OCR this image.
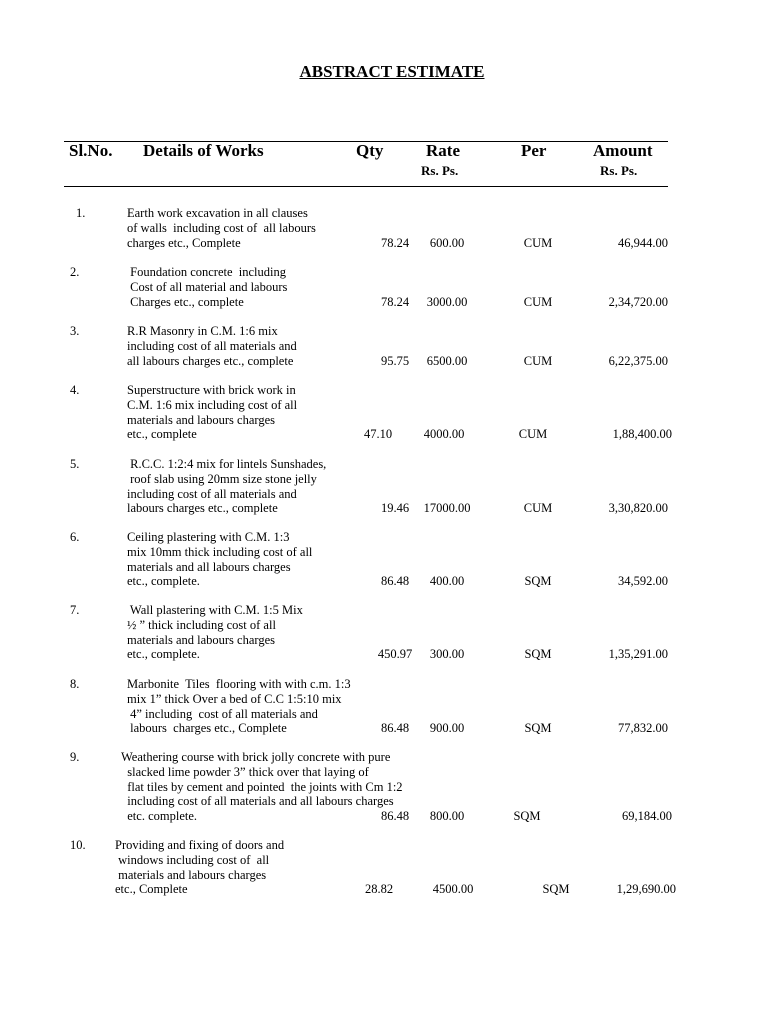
ABSTRACT ESTIMATE
Sl.No. Details of Works	Qty	Rate	Per	Amount
Rs. Ps.	Rs. Ps.
1.	Earth work excavation in all clauses
of walls  including cost of  all labours
charges etc., Complete	78.24 600.00	CUM	46,944.00
2.	Foundation concrete  including
Cost of all material and labours
Charges etc., complete	78.24 3000.00	CUM	2,34,720.00
3.	R.R Masonry in C.M. 1:6 mix
including cost of all materials and
all labours charges etc., complete	95.75 6500.00	CUM	6,22,375.00
4.	Superstructure with brick work in
C.M. 1:6 mix including cost of all
materials and labours charges
etc., complete	47.10	4000.00	CUM	1,88,400.00
5.	R.C.C. 1:2:4 mix for lintels Sunshades,
roof slab using 20mm size stone jelly
including cost of all materials and
labours charges etc., complete	19.46 17000.00	CUM	3,30,820.00
6.	Ceiling plastering with C.M. 1:3
mix 10mm thick including cost of all
materials and all labours charges
etc., complete.	86.48 400.00	SQM	34,592.00
7.	Wall plastering with C.M. 1:5 Mix
½ ” thick including cost of all
materials and labours charges
etc., complete.	450.97 300.00	SQM	1,35,291.00
8.	Marbonite  Tiles  flooring with with c.m. 1:3
mix 1” thick Over a bed of C.C 1:5:10 mix
4” including  cost of all materials and
labours  charges etc., Complete	86.48 900.00	SQM	77,832.00
9.	Weathering course with brick jolly concrete with pure
slacked lime powder 3” thick over that laying of
flat tiles by cement and pointed  the joints with Cm 1:2
including cost of all materials and all labours charges
etc. complete.	86.48 800.00	SQM	69,184.00
10. Providing and fixing of doors and
windows including cost of  all
materials and labours charges
etc., Complete	28.82	4500.00	SQM	1,29,690.00
